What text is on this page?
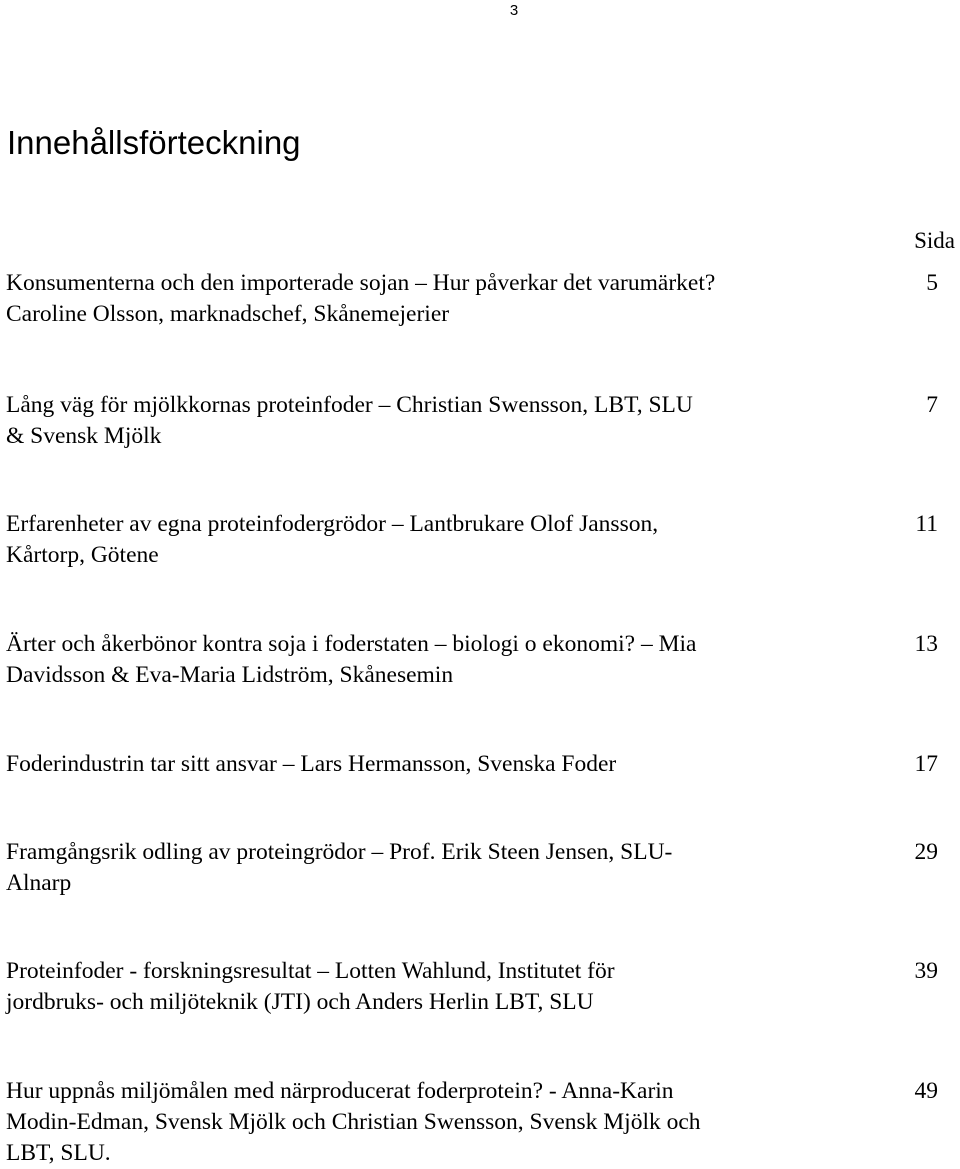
3
Innehållsförteckning
Sida

Konsumenterna och den importerade sojan – Hur påverkar det varumärket?
Caroline Olsson, marknadschef, Skånemejerier

5

Lång väg för mjölkkornas proteinfoder – Christian Swensson, LBT, SLU
& Svensk Mjölk

7

Erfarenheter av egna proteinfodergrödor – Lantbrukare Olof Jansson,
Kårtorp, Götene

11

Ärter och åkerbönor kontra soja i foderstaten – biologi o ekonomi? – Mia
Davidsson & Eva-Maria Lidström, Skånesemin

13

Foderindustrin tar sitt ansvar – Lars Hermansson, Svenska Foder	17

Framgångsrik odling av proteingrödor – Prof. Erik Steen Jensen, SLU-
Alnarp

29

Proteinfoder - forskningsresultat – Lotten Wahlund, Institutet för
jordbruks- och miljöteknik (JTI) och Anders Herlin LBT, SLU

39

Hur uppnås miljömålen med närproducerat foderprotein? - Anna-Karin
Modin-Edman, Svensk Mjölk och Christian Swensson, Svensk Mjölk och
LBT, SLU.

49
